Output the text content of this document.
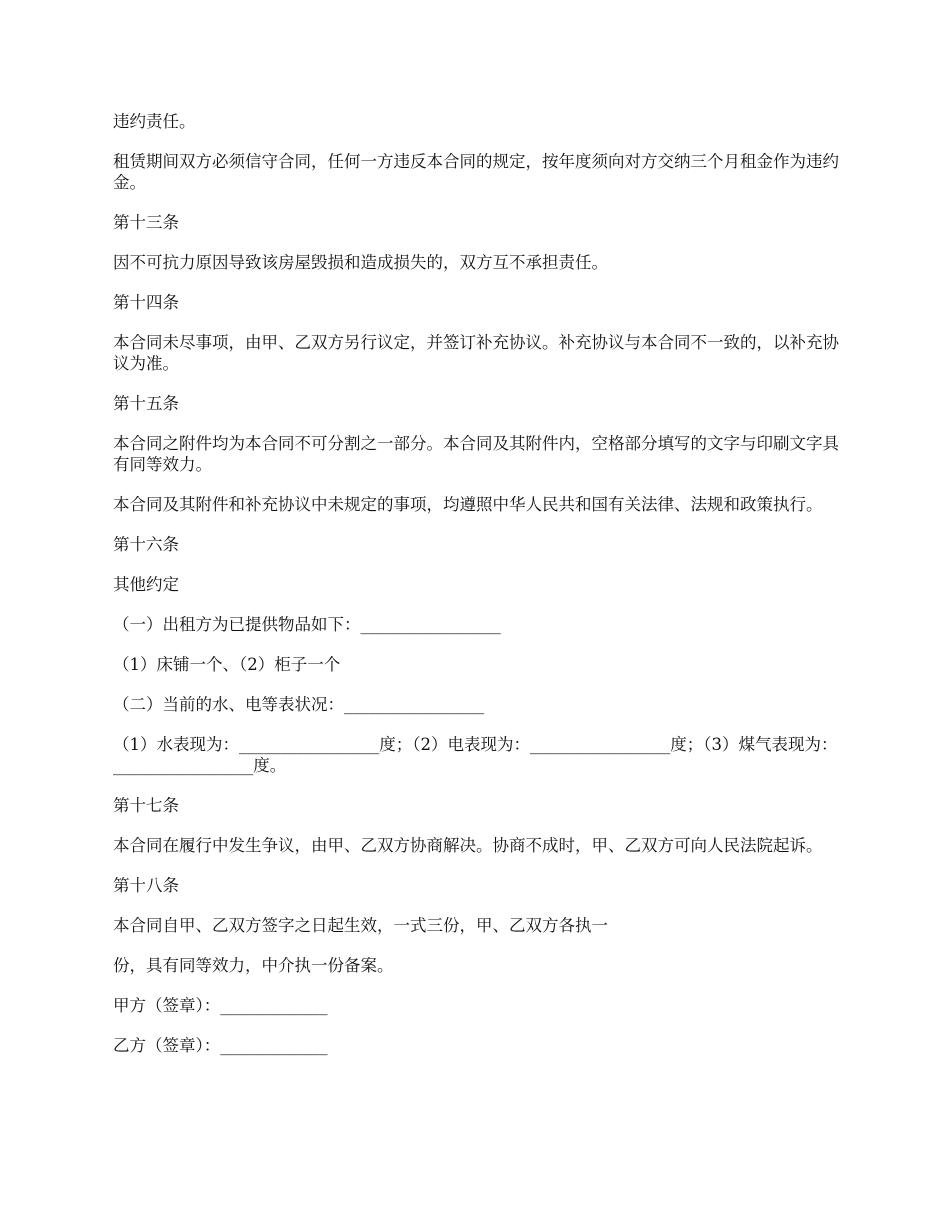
违约责任。

租赁期间双方必须信守合同，任何一方违反本合同的规定，按年度须向对方交纳三个月租金作为违约金。

第十三条

因不可抗力原因导致该房屋毁损和造成损失的，双方互不承担责任。

第十四条

本合同未尽事项，由甲、乙双方另行议定，并签订补充协议。补充协议与本合同不一致的，以补充协议为准。

第十五条

本合同之附件均为本合同不可分割之一部分。本合同及其附件内，空格部分填写的文字与印刷文字具有同等效力。

本合同及其附件和补充协议中未规定的事项，均遵照中华人民共和国有关法律、法规和政策执行。

第十六条

其他约定

（一）出租方为已提供物品如下：_________________

（1）床铺一个、（2）柜子一个

（二）当前的水、电等表状况：_________________

（1）水表现为：_________________度；（2）电表现为：_________________度；（3）煤气表现为：_________________度。

第十七条

本合同在履行中发生争议，由甲、乙双方协商解决。协商不成时，甲、乙双方可向人民法院起诉。

第十八条

本合同自甲、乙双方签字之日起生效，一式三份，甲、乙双方各执一

份，具有同等效力，中介执一份备案。

甲方（签章）：_____________

乙方（签章）：_____________
